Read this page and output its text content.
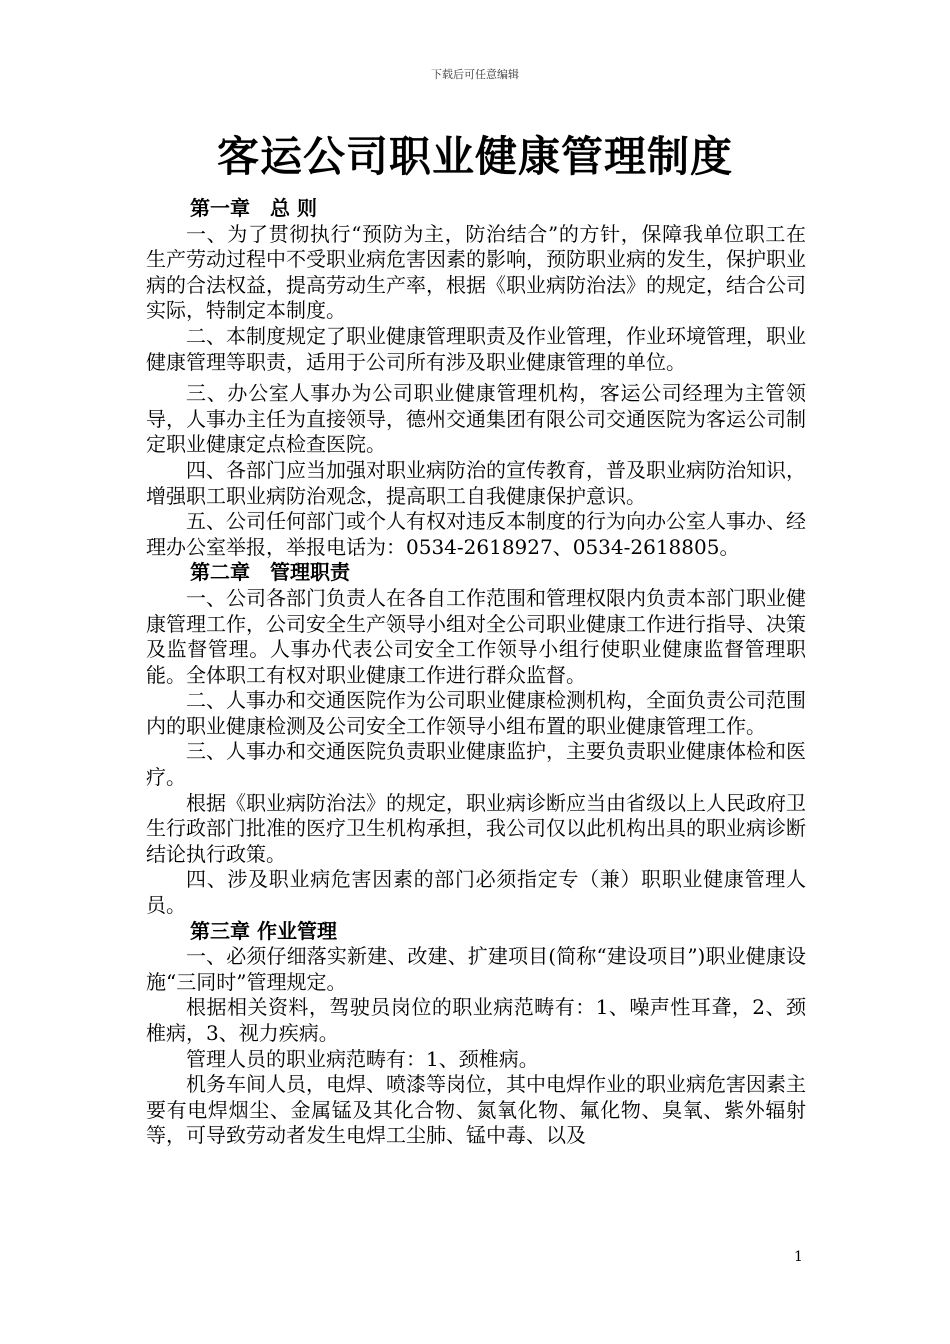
下载后可任意编辑
客运公司职业健康管理制度

第一章　总 则

一、为了贯彻执行“预防为主，防治结合”的方针，保障我单位职工在生产劳动过程中不受职业病危害因素的影响，预防职业病的发生，保护职业病的合法权益，提高劳动生产率，根据《职业病防治法》的规定，结合公司实际，特制定本制度。

二、本制度规定了职业健康管理职责及作业管理，作业环境管理，职业健康管理等职责，适用于公司所有涉及职业健康管理的单位。

三、办公室人事办为公司职业健康管理机构，客运公司经理为主管领导，人事办主任为直接领导，德州交通集团有限公司交通医院为客运公司制定职业健康定点检查医院。

四、各部门应当加强对职业病防治的宣传教育，普及职业病防治知识，增强职工职业病防治观念，提高职工自我健康保护意识。

五、公司任何部门或个人有权对违反本制度的行为向办公室人事办、经理办公室举报，举报电话为：0534-2618927、0534-2618805。

第二章　管理职责

一、公司各部门负责人在各自工作范围和管理权限内负责本部门职业健康管理工作，公司安全生产领导小组对全公司职业健康工作进行指导、决策及监督管理。人事办代表公司安全工作领导小组行使职业健康监督管理职能。全体职工有权对职业健康工作进行群众监督。

二、人事办和交通医院作为公司职业健康检测机构，全面负责公司范围内的职业健康检测及公司安全工作领导小组布置的职业健康管理工作。

三、人事办和交通医院负责职业健康监护，主要负责职业健康体检和医疗。

根据《职业病防治法》的规定，职业病诊断应当由省级以上人民政府卫生行政部门批准的医疗卫生机构承担，我公司仅以此机构出具的职业病诊断结论执行政策。

四、涉及职业病危害因素的部门必须指定专（兼）职职业健康管理人员。

第三章 作业管理

一、必须仔细落实新建、改建、扩建项目(简称“建设项目”)职业健康设施“三同时”管理规定。

根据相关资料，驾驶员岗位的职业病范畴有：1、噪声性耳聋，2、颈椎病，3、视力疾病。

管理人员的职业病范畴有：1、颈椎病。

机务车间人员，电焊、喷漆等岗位，其中电焊作业的职业病危害因素主要有电焊烟尘、金属锰及其化合物、氮氧化物、氟化物、臭氧、紫外辐射等，可导致劳动者发生电焊工尘肺、锰中毒、以及

1
